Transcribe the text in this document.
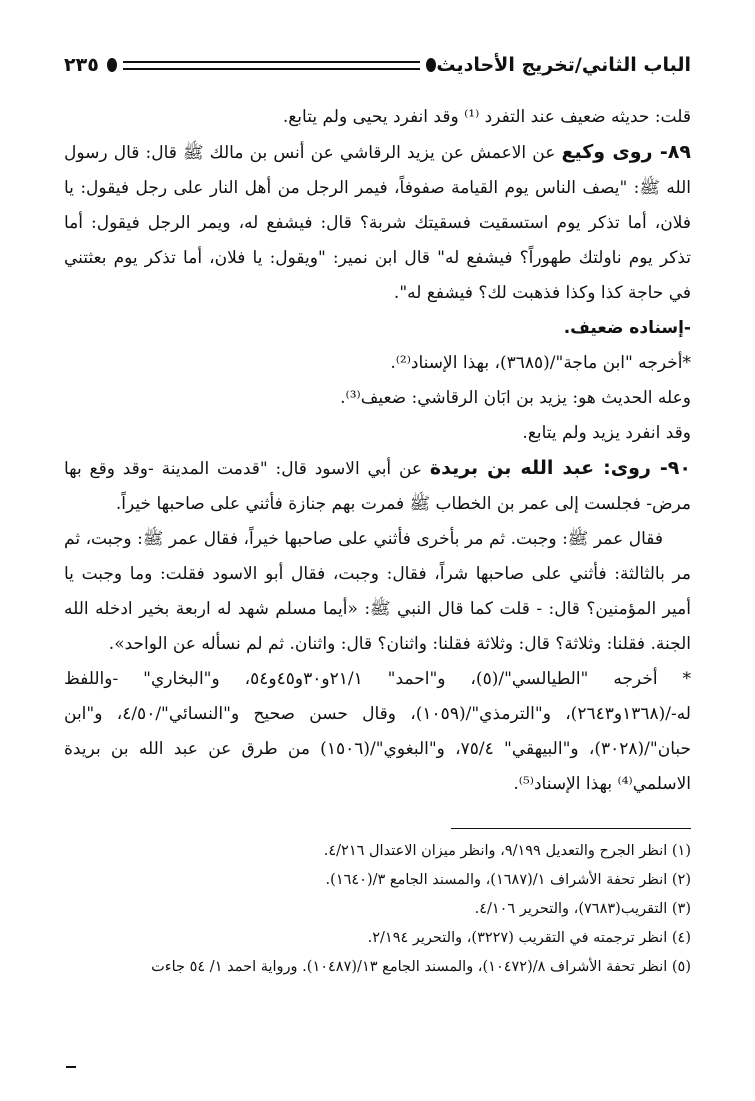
الباب الثاني/تخريج الأحاديث
٢٣٥

قلت: حديثه ضعيف عند التفرد ⁽¹⁾ وقد انفرد يحيى ولم يتابع.

٨٩- روى وكيع عن الاعمش عن يزيد الرقاشي عن أنس بن مالك ﷺ قال: قال رسول الله ﷺ: "يصف الناس يوم القيامة صفوفاً، فيمر الرجل من أهل النار على رجل فيقول: يا فلان، أما تذكر يوم استسقيت فسقيتك شربة؟ قال: فيشفع له، ويمر الرجل فيقول: أما تذكر يوم ناولتك طهوراً؟ فيشفع له" قال ابن نمير: "ويقول: يا فلان، أما تذكر يوم بعثتني في حاجة كذا وكذا فذهبت لك؟ فيشفع له".

-إسناده ضعيف.

*أخرجه "ابن ماجة"/(٣٦٨٥)، بهذا الإسناد⁽²⁾.

وعله الحديث هو: يزيد بن ابَان الرقاشي: ضعيف⁽³⁾.

وقد انفرد يزيد ولم يتابع.

٩٠- روى: عبد الله بن بريدة عن أبي الاسود قال: "قدمت المدينة -وقد وقع بها مرض- فجلست إلى عمر بن الخطاب ﷺ فمرت بهم جنازة فأثني على صاحبها خيراً.

فقال عمر ﷺ: وجبت. ثم مر بأخرى فأثني على صاحبها خيراً، فقال عمر ﷺ: وجبت، ثم مر بالثالثة: فأثني على صاحبها شراً، فقال: وجبت، فقال أبو الاسود فقلت: وما وجبت يا أمير المؤمنين؟ قال: - قلت كما قال النبي ﷺ: «أيما مسلم شهد له اربعة بخير ادخله الله الجنة. فقلنا: وثلاثة؟ قال: وثلاثة فقلنا: واثنان؟ قال: واثنان. ثم لم نسأله عن الواحد».

* أخرجه "الطيالسي"/(٥)، و"احمد" ٢١/١و٣٠و٤٥و٥٤، و"البخاري" -واللفظ له-/(١٣٦٨و٢٦٤٣)، و"الترمذي"/(١٠٥٩)، وقال حسن صحيح و"النسائي"/٤/٥٠، و"ابن حبان"/(٣٠٢٨)، و"البيهقي" ٧٥/٤، و"البغوي"/(١٥٠٦) من طرق عن عبد الله بن بريدة الاسلمي⁽⁴⁾ بهذا الإسناد⁽⁵⁾.

(١) انظر الجرح والتعديل ٩/١٩٩، وانظر ميزان الاعتدال ٤/٢١٦.

(٢) انظر تحفة الأشراف ١/(١٦٨٧)، والمسند الجامع ٣/(١٦٤٠).

(٣) التقريب(٧٦٨٣)، والتحرير ٤/١٠٦.

(٤) انظر ترجمته في التقريب (٣٢٢٧)، والتحرير ٢/١٩٤.

(٥) انظر تحفة الأشراف ٨/(١٠٤٧٢)، والمسند الجامع ١٣/(١٠٤٨٧). ورواية احمد ١/ ٥٤ جاءت
